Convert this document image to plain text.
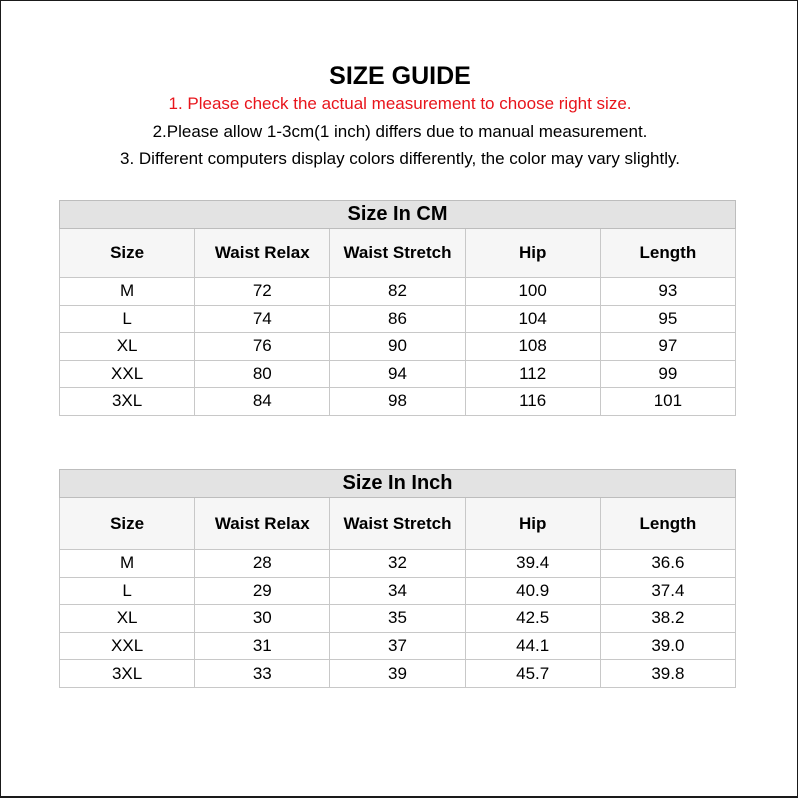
SIZE GUIDE
1. Please check the actual measurement to choose right size.
2.Please allow 1-3cm(1 inch) differs due to manual measurement.
3. Different computers display colors differently, the color may vary slightly.
Size In CM				
Size	Waist Relax	Waist Stretch	Hip	Length
M	72	82	100	93
L	74	86	104	95
XL	76	90	108	97
XXL	80	94	112	99
3XL	84	98	116	101
Size In Inch				
Size	Waist Relax	Waist Stretch	Hip	Length
M	28	32	39.4	36.6
L	29	34	40.9	37.4
XL	30	35	42.5	38.2
XXL	31	37	44.1	39.0
3XL	33	39	45.7	39.8
